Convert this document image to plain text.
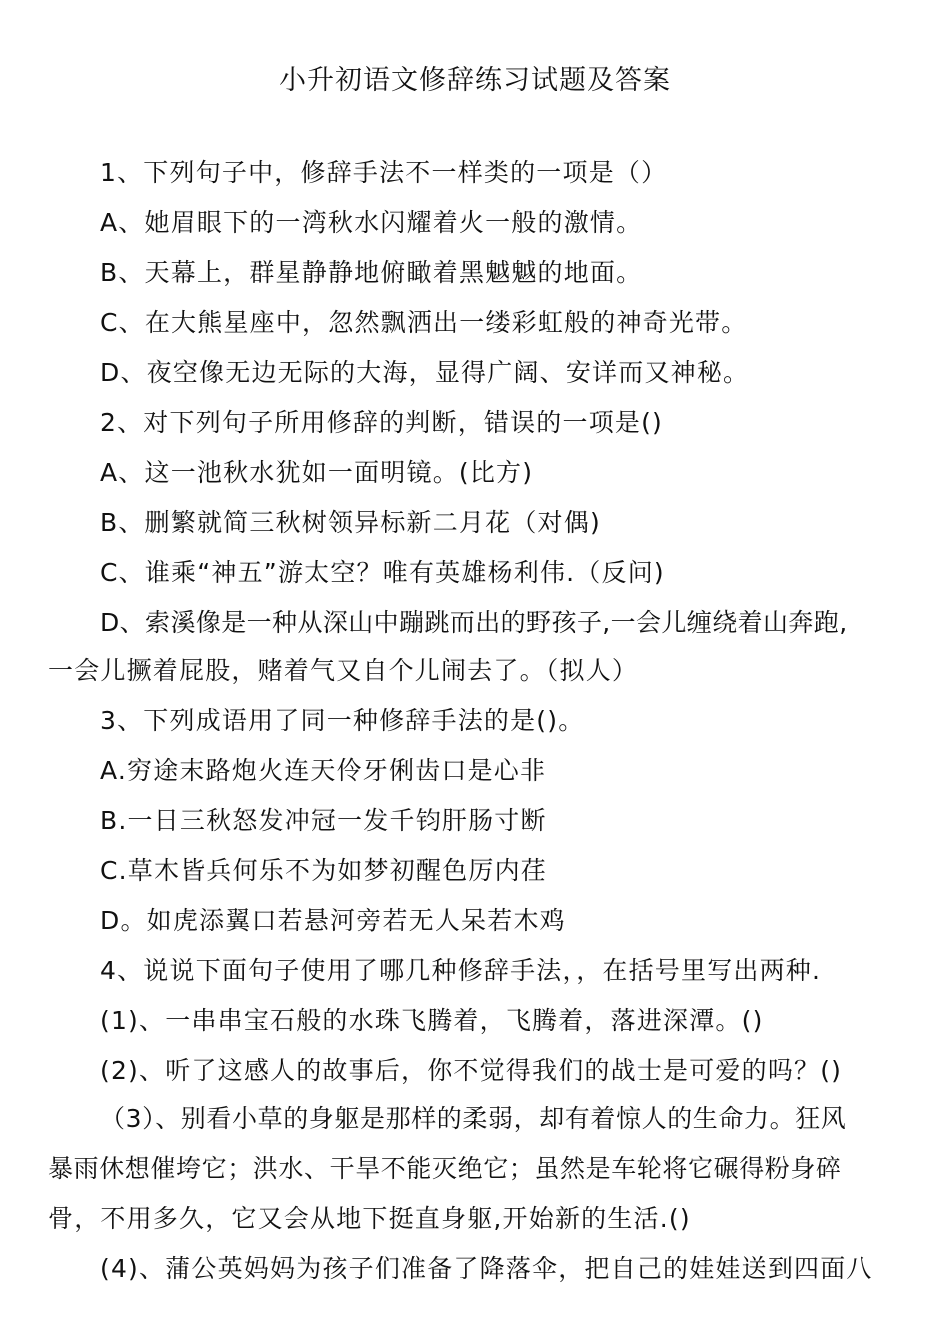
小升初语文修辞练习试题及答案
1、下列句子中，修辞手法不一样类的一项是（）
A、她眉眼下的一湾秋水闪耀着火一般的激情。
B、天幕上，群星静静地俯瞰着黑魆魆的地面。
C、在大熊星座中，忽然飘洒出一缕彩虹般的神奇光带。
D、夜空像无边无际的大海，显得广阔、安详而又神秘。
2、对下列句子所用修辞的判断，错误的一项是()
A、这一池秋水犹如一面明镜。(比方)
B、删繁就简三秋树领异标新二月花（对偶)
C、谁乘“神五”游太空？唯有英雄杨利伟.（反问)
D、索溪像是一种从深山中蹦跳而出的野孩子,一会儿缠绕着山奔跑,
一会儿撅着屁股，赌着气又自个儿闹去了。（拟人）
3、下列成语用了同一种修辞手法的是()。
A.穷途末路炮火连天伶牙俐齿口是心非
B.一日三秋怒发冲冠一发千钧肝肠寸断
C.草木皆兵何乐不为如梦初醒色厉内荏
D。如虎添翼口若悬河旁若无人呆若木鸡
4、说说下面句子使用了哪几种修辞手法，，在括号里写出两种.
(1)、一串串宝石般的水珠飞腾着，飞腾着，落进深潭。()
(2)、听了这感人的故事后，你不觉得我们的战士是可爱的吗？()
（3）、别看小草的身躯是那样的柔弱，却有着惊人的生命力。狂风
暴雨休想催垮它；洪水、干旱不能灭绝它；虽然是车轮将它碾得粉身碎
骨，不用多久，它又会从地下挺直身躯,开始新的生活.()
(4)、蒲公英妈妈为孩子们准备了降落伞，把自己的娃娃送到四面八
